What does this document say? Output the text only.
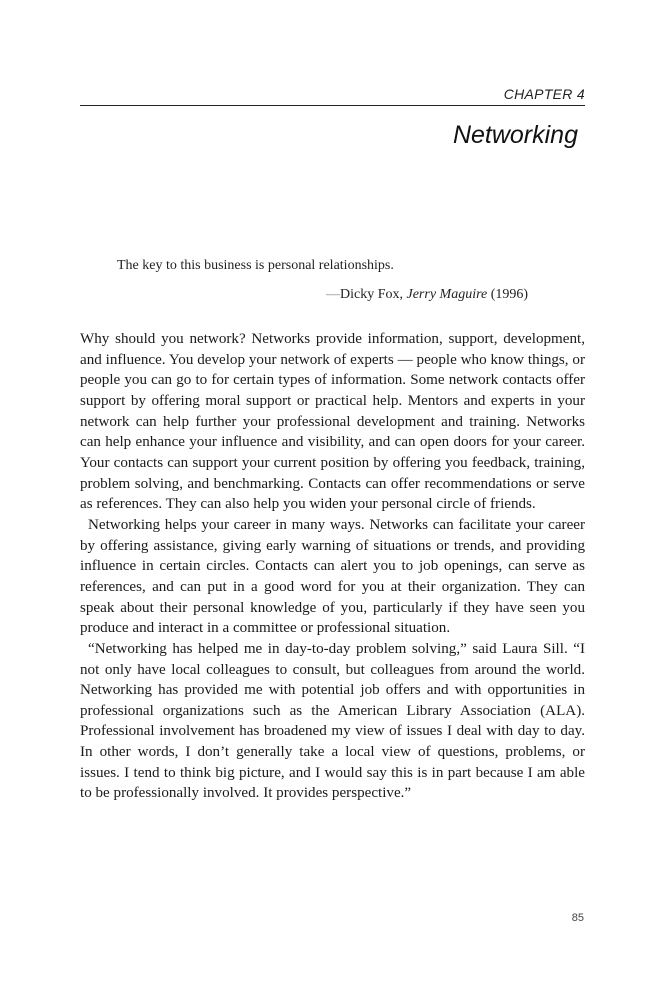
CHAPTER 4
Networking

The key to this business is personal relationships.

—Dicky Fox, Jerry Maguire (1996)

Why should you network? Networks provide information, support, development, and influence. You develop your network of experts — people who know things, or people you can go to for certain types of information. Some network contacts offer support by offering moral support or practical help. Mentors and experts in your network can help further your professional development and training. Networks can help enhance your influence and visibility, and can open doors for your career. Your contacts can support your current position by offering you feedback, training, problem solving, and benchmarking. Contacts can offer recommendations or serve as references. They can also help you widen your personal circle of friends.

Networking helps your career in many ways. Networks can facilitate your career by offering assistance, giving early warning of situations or trends, and providing influence in certain circles. Contacts can alert you to job openings, can serve as references, and can put in a good word for you at their organization. They can speak about their personal knowledge of you, particularly if they have seen you produce and interact in a committee or professional situation.

“Networking has helped me in day-to-day problem solving,” said Laura Sill. “I not only have local colleagues to consult, but colleagues from around the world. Networking has provided me with potential job offers and with opportunities in professional organizations such as the American Library Association (ALA). Professional involvement has broadened my view of issues I deal with day to day. In other words, I don’t generally take a local view of questions, problems, or issues. I tend to think big picture, and I would say this is in part because I am able to be professionally involved. It provides perspective.”

85
